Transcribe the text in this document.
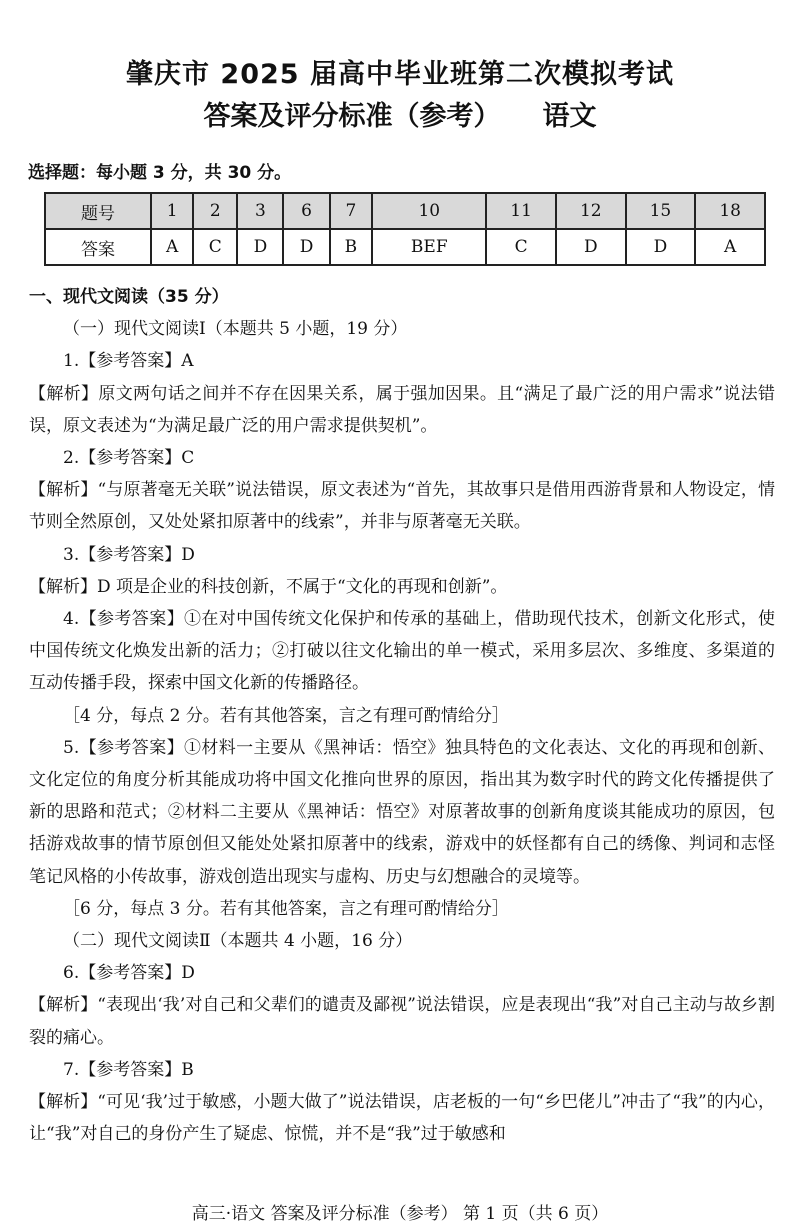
肇庆市 2025 届高中毕业班第二次模拟考试
答案及评分标准（参考） 语文
选择题：每小题 3 分，共 30 分。
题号	1	2	3	6	7	10	11	12	15	18
答案	A	C	D	D	B	BEF	C	D	D	A

一、现代文阅读（35 分）

（一）现代文阅读Ⅰ（本题共 5 小题，19 分）

1.【参考答案】A

【解析】原文两句话之间并不存在因果关系，属于强加因果。且“满足了最广泛的用户需求”说法错误，原文表述为“为满足最广泛的用户需求提供契机”。

2.【参考答案】C

【解析】“与原著毫无关联”说法错误，原文表述为“首先，其故事只是借用西游背景和人物设定，情节则全然原创，又处处紧扣原著中的线索”，并非与原著毫无关联。

3.【参考答案】D

【解析】D 项是企业的科技创新，不属于“文化的再现和创新”。

4.【参考答案】①在对中国传统文化保护和传承的基础上，借助现代技术，创新文化形式，使中国传统文化焕发出新的活力；②打破以往文化输出的单一模式，采用多层次、多维度、多渠道的互动传播手段，探索中国文化新的传播路径。

［4 分，每点 2 分。若有其他答案，言之有理可酌情给分］

5.【参考答案】①材料一主要从《黑神话：悟空》独具特色的文化表达、文化的再现和创新、文化定位的角度分析其能成功将中国文化推向世界的原因，指出其为数字时代的跨文化传播提供了新的思路和范式；②材料二主要从《黑神话：悟空》对原著故事的创新角度谈其能成功的原因，包括游戏故事的情节原创但又能处处紧扣原著中的线索，游戏中的妖怪都有自己的绣像、判词和志怪笔记风格的小传故事，游戏创造出现实与虚构、历史与幻想融合的灵境等。

［6 分，每点 3 分。若有其他答案，言之有理可酌情给分］

（二）现代文阅读Ⅱ（本题共 4 小题，16 分）

6.【参考答案】D

【解析】“表现出‘我’对自己和父辈们的谴责及鄙视”说法错误，应是表现出“我”对自己主动与故乡割裂的痛心。

7.【参考答案】B

【解析】“可见‘我’过于敏感，小题大做了”说法错误，店老板的一句“乡巴佬儿”冲击了“我”的内心，让“我”对自己的身份产生了疑虑、惊慌，并不是“我”过于敏感和

高三·语文 答案及评分标准（参考） 第 1 页（共 6 页）
